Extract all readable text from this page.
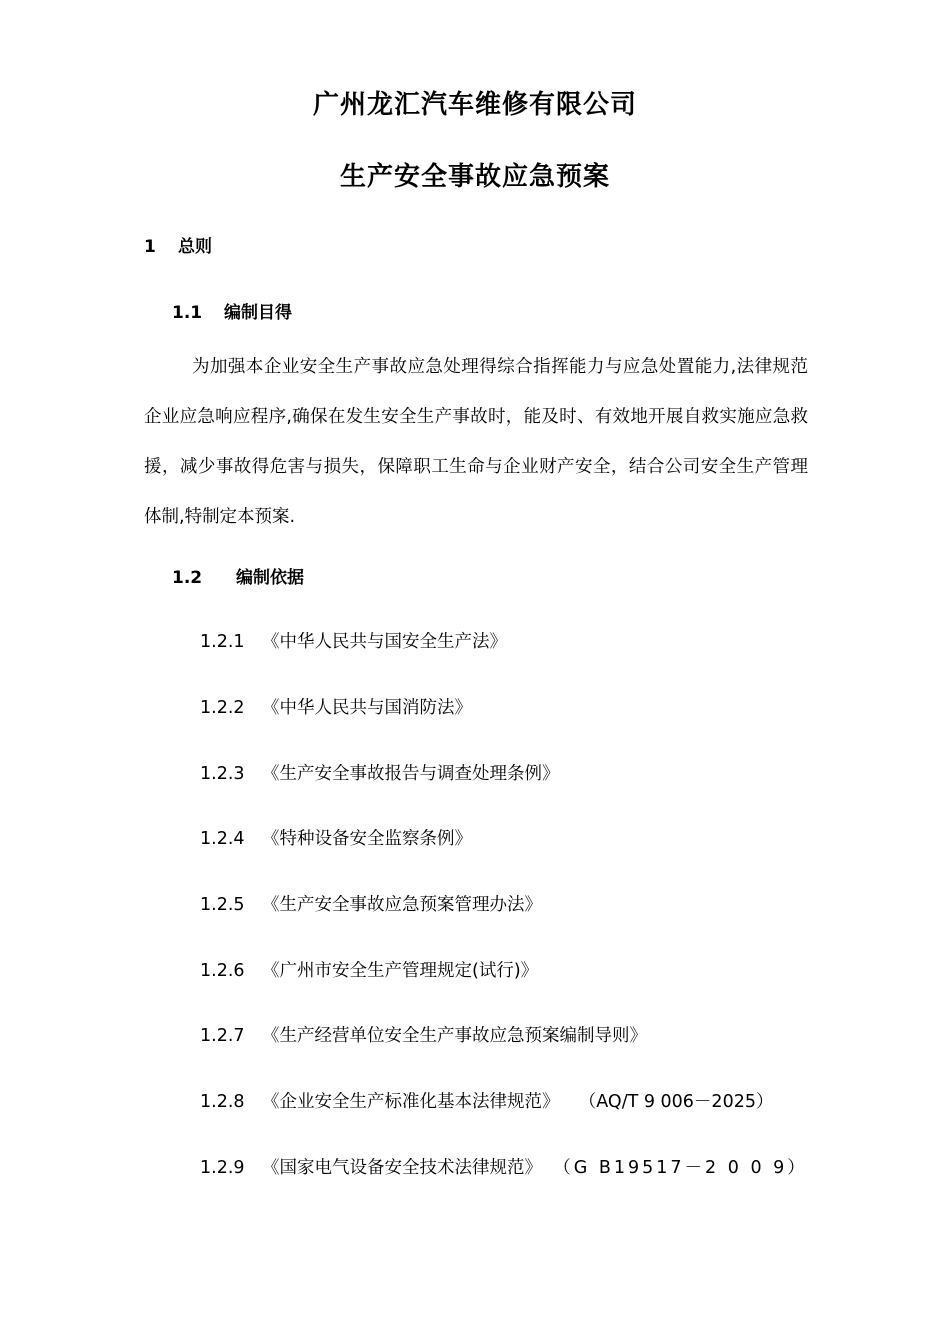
广州龙汇汽车维修有限公司
生产安全事故应急预案
1 总则
1.1 编制目得
为加强本企业安全生产事故应急处理得综合指挥能力与应急处置能力,法律规范企业应急响应程序,确保在发生安全生产事故时，能及时、有效地开展自救实施应急救援，减少事故得危害与损失，保障职工生命与企业财产安全，结合公司安全生产管理体制,特制定本预案.
1.2 编制依据
1.2.1 《中华人民共与国安全生产法》
1.2.2 《中华人民共与国消防法》
1.2.3 《生产安全事故报告与调查处理条例》
1.2.4 《特种设备安全监察条例》
1.2.5 《生产安全事故应急预案管理办法》
1.2.6 《广州市安全生产管理规定(试行)》
1.2.7 《生产经营单位安全生产事故应急预案编制导则》
1.2.8 《企业安全生产标准化基本法律规范》 （AQ/T 9 006－2025）
1.2.9 《国家电气设备安全技术法律规范》 （G B19517－2 0 0 9）
